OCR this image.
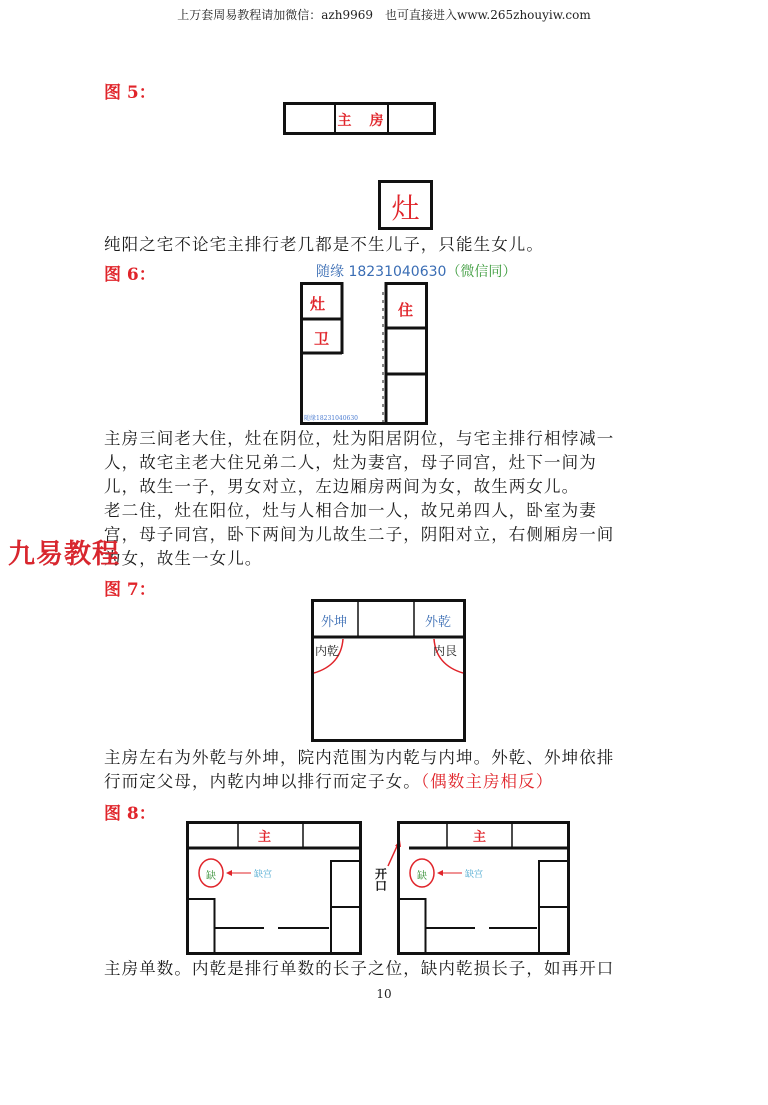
上万套周易教程请加微信：azh9969　也可直接进入www.265zhouyiw.com
图 5：
主　房
灶
纯阳之宅不论宅主排行老几都是不生儿子，只能生女儿。
图 6：	随缘 18231040630（微信同）
灶
卫
住
随缘18231040630
主房三间老大住，灶在阴位，灶为阳居阴位，与宅主排行相悖减一
人，故宅主老大住兄弟二人，灶为妻宫，母子同宫，灶下一间为
儿，故生一子，男女对立，左边厢房两间为女，故生两女儿。
老二住，灶在阳位，灶与人相合加一人，故兄弟四人，卧室为妻
宫，母子同宫，卧下两间为儿故生二子，阴阳对立，右侧厢房一间
为女，故生一女儿。
九易教程
图 7：
外坤	外乾
内乾	内艮
主房左右为外乾与外坤，院内范围为内乾与内坤。外乾、外坤依排
行而定父母，内乾内坤以排行而定子女。（偶数主房相反）
图 8：
主
缺	缺宫	开口
主
缺	缺宫
主房单数。内乾是排行单数的长子之位，缺内乾损长子，如再开口
10
